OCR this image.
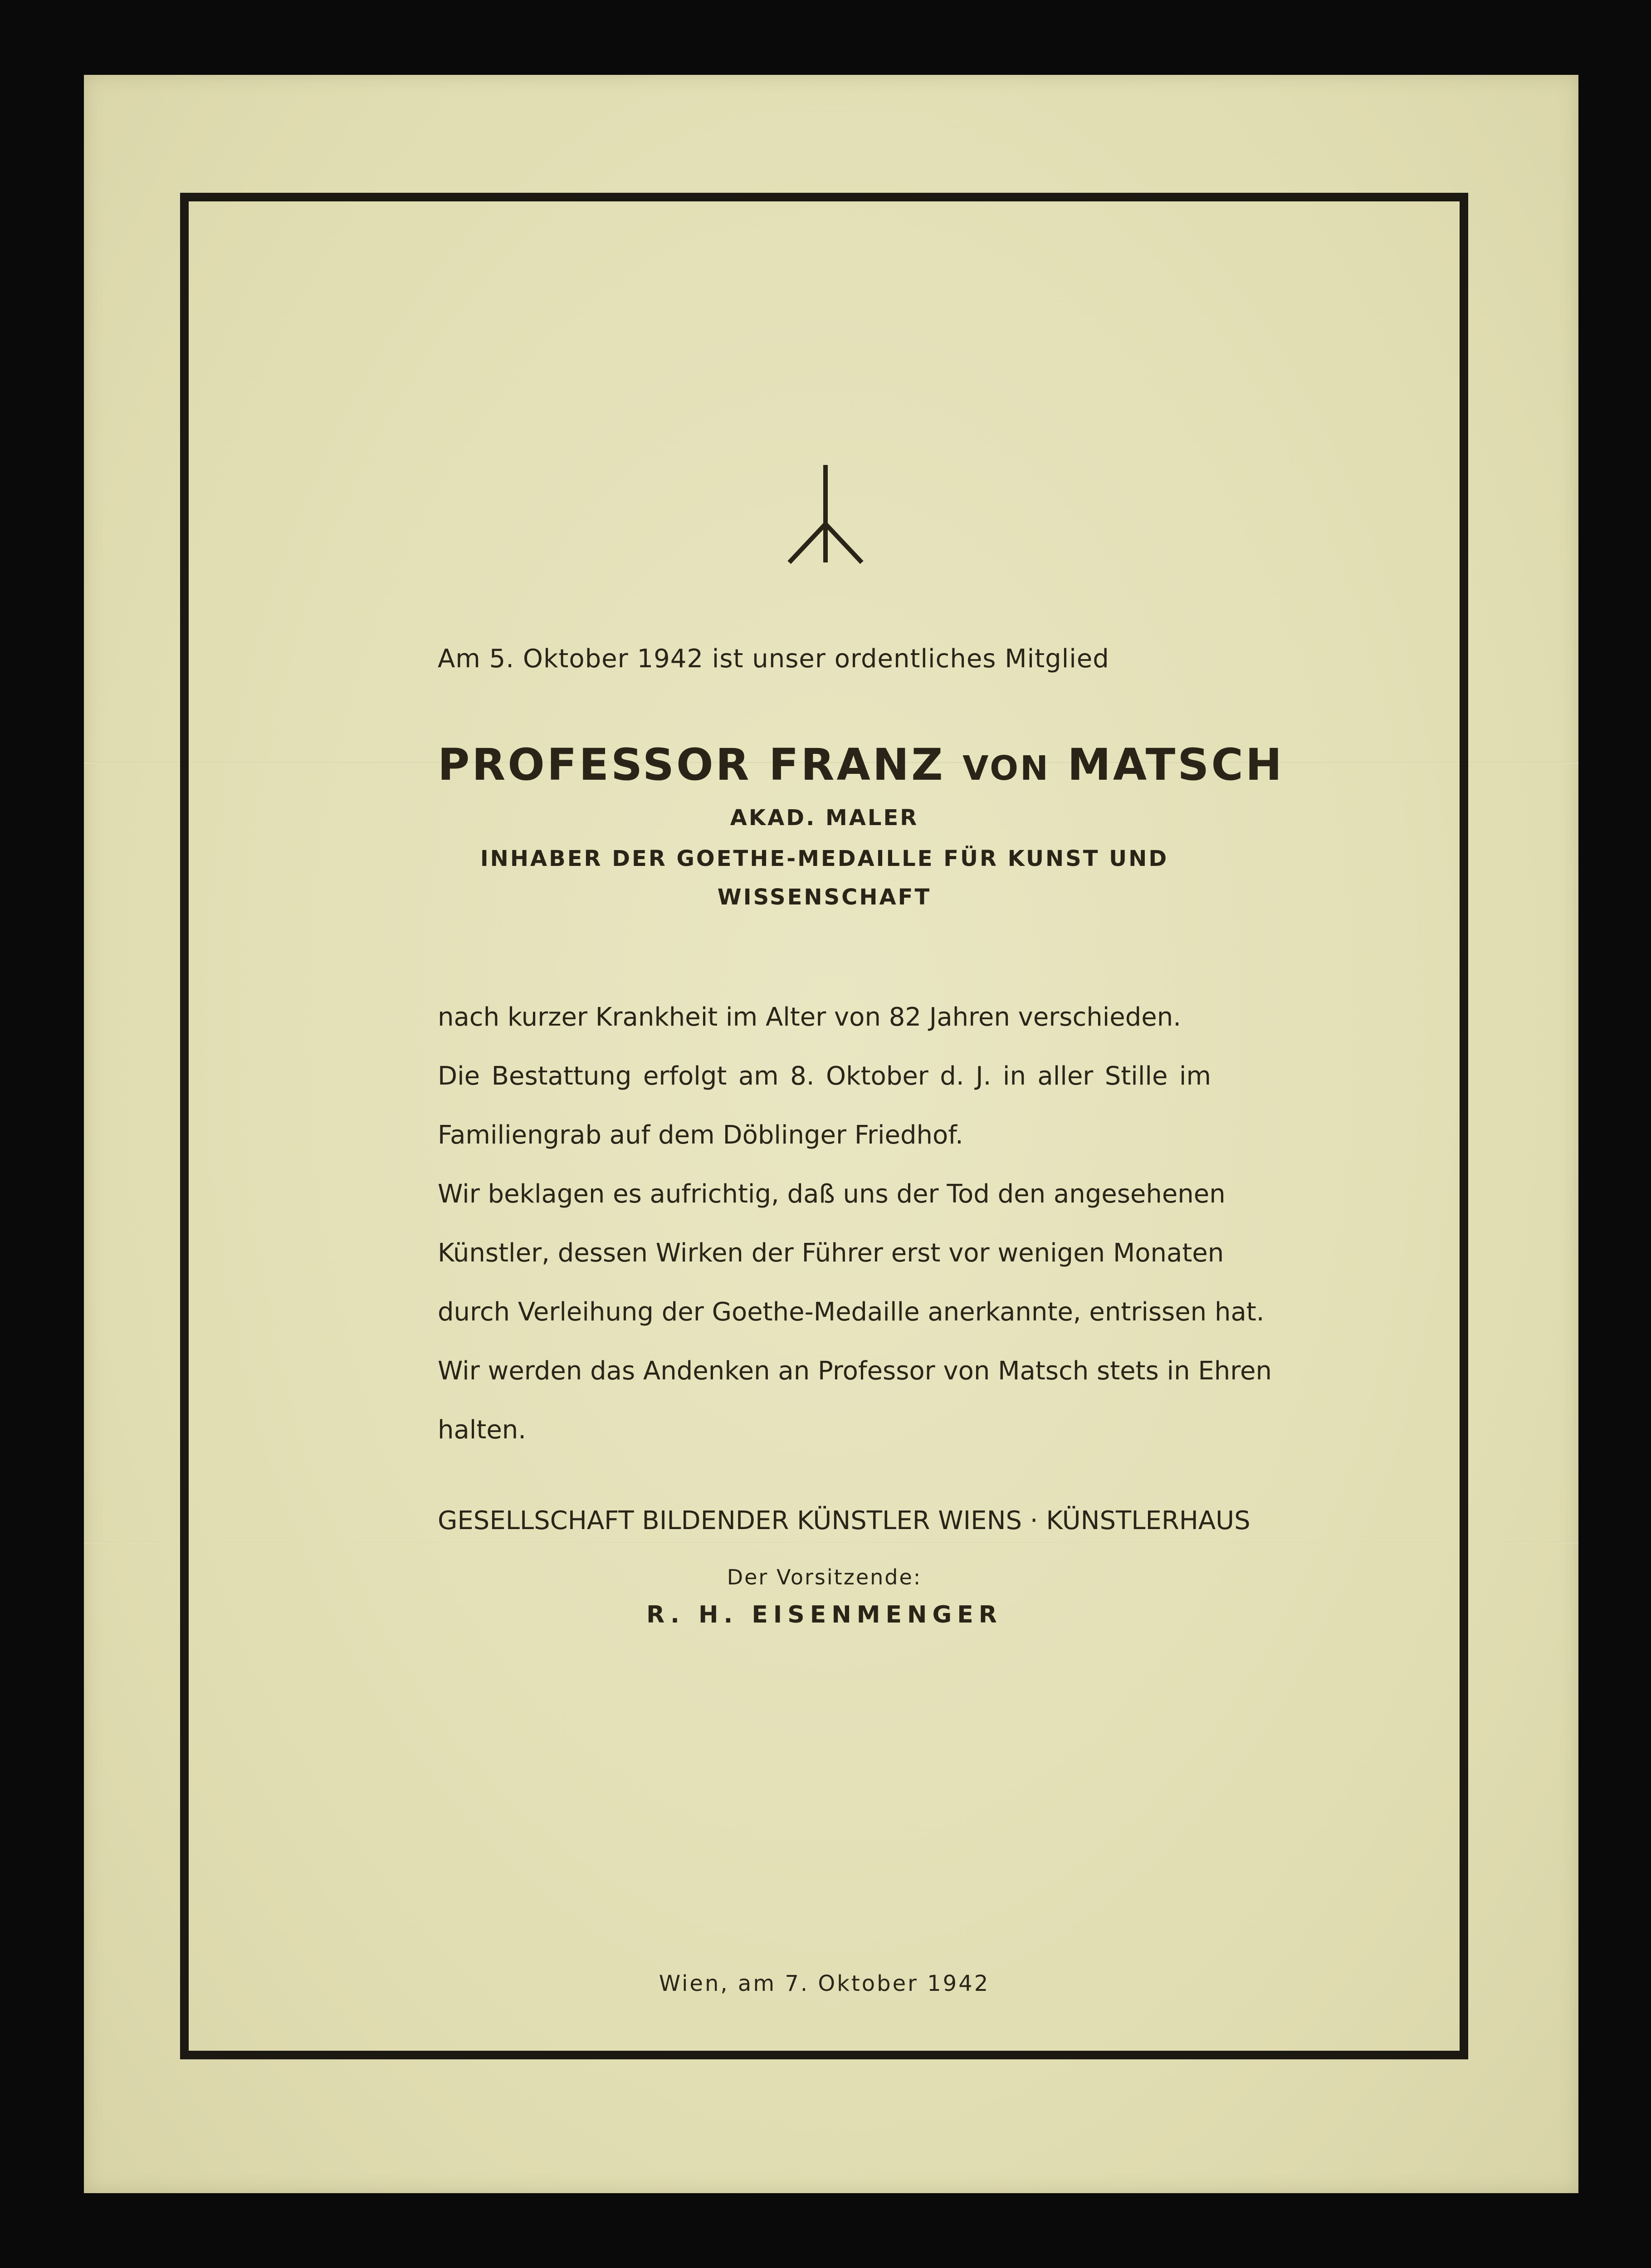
Am 5. Oktober 1942 ist unser ordentliches Mitglied
PROFESSOR FRANZ VON MATSCH
AKAD. MALER
INHABER DER GOETHE-MEDAILLE FÜR KUNST UND
WISSENSCHAFT
nach kurzer Krankheit im Alter von 82 Jahren verschieden.
Die Bestattung erfolgt am 8. Oktober d. J. in aller Stille im
Familiengrab auf dem Döblinger Friedhof.
Wir beklagen es aufrichtig, daß uns der Tod den angesehenen
Künstler, dessen Wirken der Führer erst vor wenigen Monaten
durch Verleihung der Goethe-Medaille anerkannte, entrissen hat.
Wir werden das Andenken an Professor von Matsch stets in Ehren
halten.
GESELLSCHAFT BILDENDER KÜNSTLER WIENS · KÜNSTLERHAUS
Der Vorsitzende:
R. H. EISENMENGER
Wien, am 7. Oktober 1942
